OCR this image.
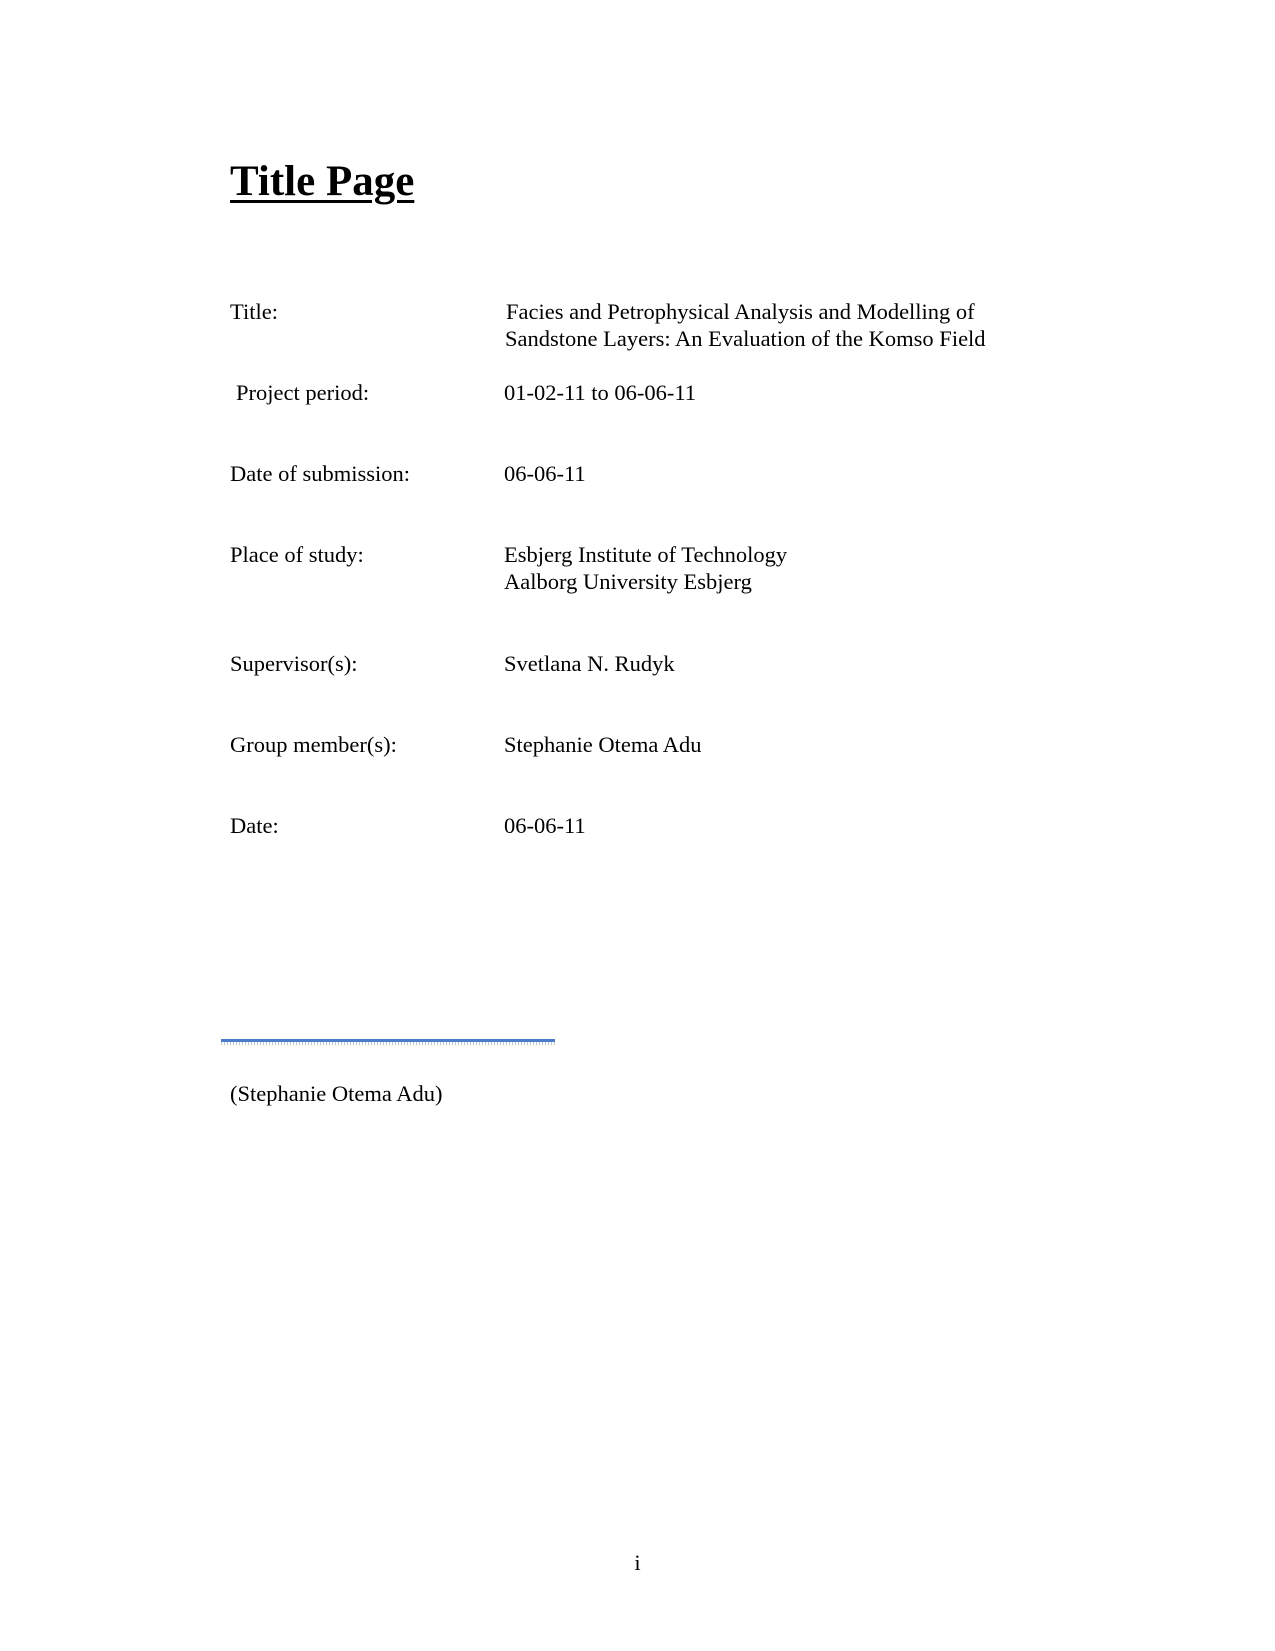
Title Page
Title:	Facies and Petrophysical Analysis and Modelling of
Sandstone Layers: An Evaluation of the Komso Field
Project period:	01-02-11 to 06-06-11
Date of submission:	06-06-11
Place of study:	Esbjerg Institute of Technology
Aalborg University Esbjerg
Supervisor(s):	Svetlana N. Rudyk
Group member(s):	Stephanie Otema Adu
Date:	06-06-11
(Stephanie Otema Adu)
i
